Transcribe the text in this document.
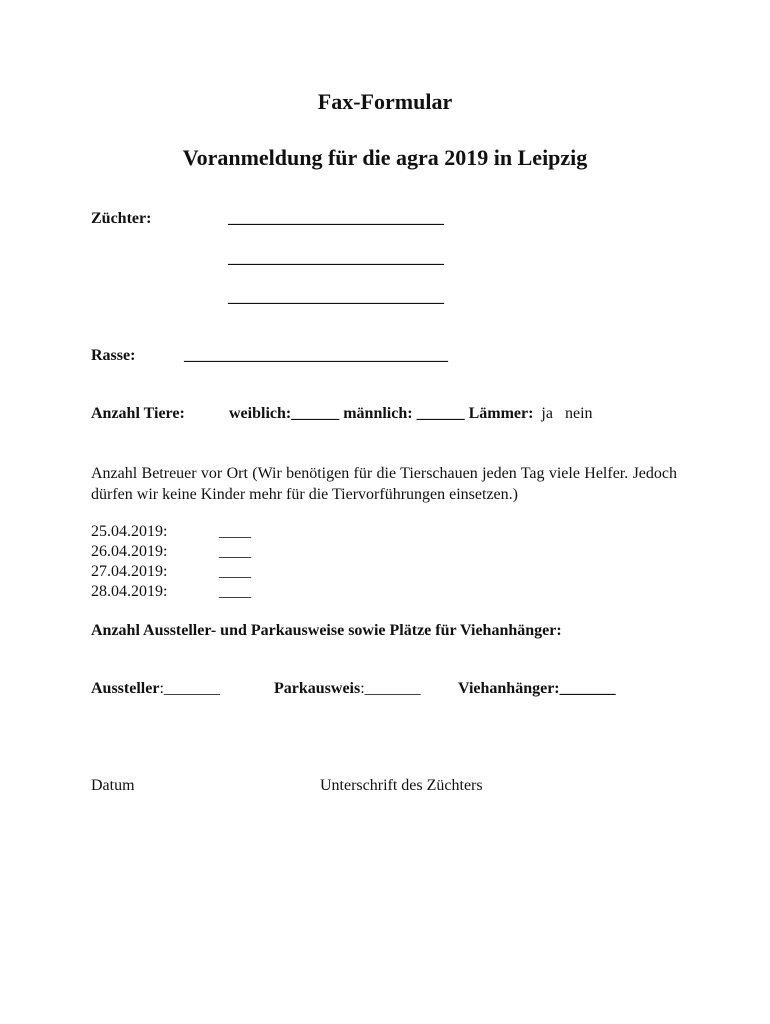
Fax-Formular
Voranmeldung für die agra 2019 in Leipzig
Züchter:	___________________________
___________________________
___________________________
Rasse:	_________________________________
Anzahl Tiere:	weiblich:______ männlich: ______ Lämmer: ja nein
Anzahl Betreuer vor Ort (Wir benötigen für die Tierschauen jeden Tag viele Helfer. Jedoch dürfen wir keine Kinder mehr für die Tiervorführungen einsetzen.)
25.04.2019:	____
26.04.2019:	____
27.04.2019:	____
28.04.2019:	____
Anzahl Aussteller- und Parkausweise sowie Plätze für Viehanhänger:
Aussteller:_______	Parkausweis:_______ Viehanhänger:_______
Datum	Unterschrift des Züchters
